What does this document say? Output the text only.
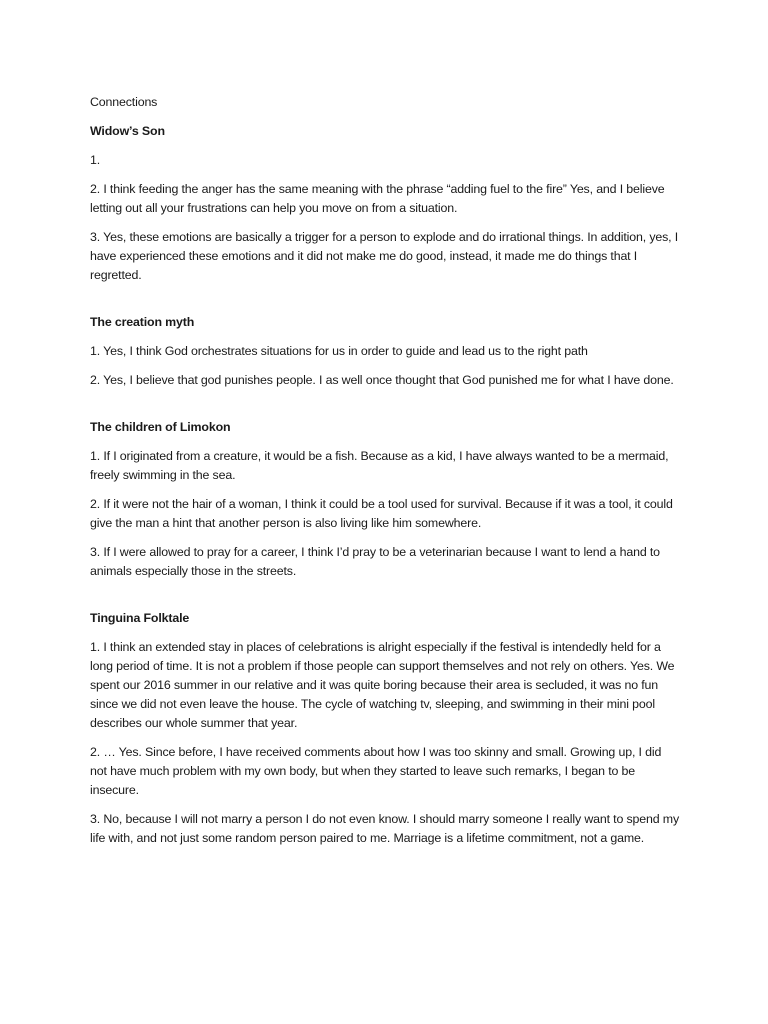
Connections

Widow’s Son

1.

2. I think feeding the anger has the same meaning with the phrase “adding fuel to the fire” Yes, and I believe letting out all your frustrations can help you move on from a situation.

3. Yes, these emotions are basically a trigger for a person to explode and do irrational things. In addition, yes, I have experienced these emotions and it did not make me do good, instead, it made me do things that I regretted.

The creation myth

1. Yes, I think God orchestrates situations for us in order to guide and lead us to the right path

2. Yes, I believe that god punishes people. I as well once thought that God punished me for what I have done.

The children of Limokon

1. If I originated from a creature, it would be a fish. Because as a kid, I have always wanted to be a mermaid, freely swimming in the sea.

2. If it were not the hair of a woman, I think it could be a tool used for survival. Because if it was a tool, it could give the man a hint that another person is also living like him somewhere.

3. If I were allowed to pray for a career, I think I’d pray to be a veterinarian because I want to lend a hand to animals especially those in the streets.

Tinguina Folktale

1. I think an extended stay in places of celebrations is alright especially if the festival is intendedly held for a long period of time. It is not a problem if those people can support themselves and not rely on others. Yes. We spent our 2016 summer in our relative and it was quite boring because their area is secluded, it was no fun since we did not even leave the house. The cycle of watching tv, sleeping, and swimming in their mini pool describes our whole summer that year.

2. … Yes. Since before, I have received comments about how I was too skinny and small. Growing up, I did not have much problem with my own body, but when they started to leave such remarks, I began to be insecure.

3. No, because I will not marry a person I do not even know. I should marry someone I really want to spend my life with, and not just some random person paired to me. Marriage is a lifetime commitment, not a game.
